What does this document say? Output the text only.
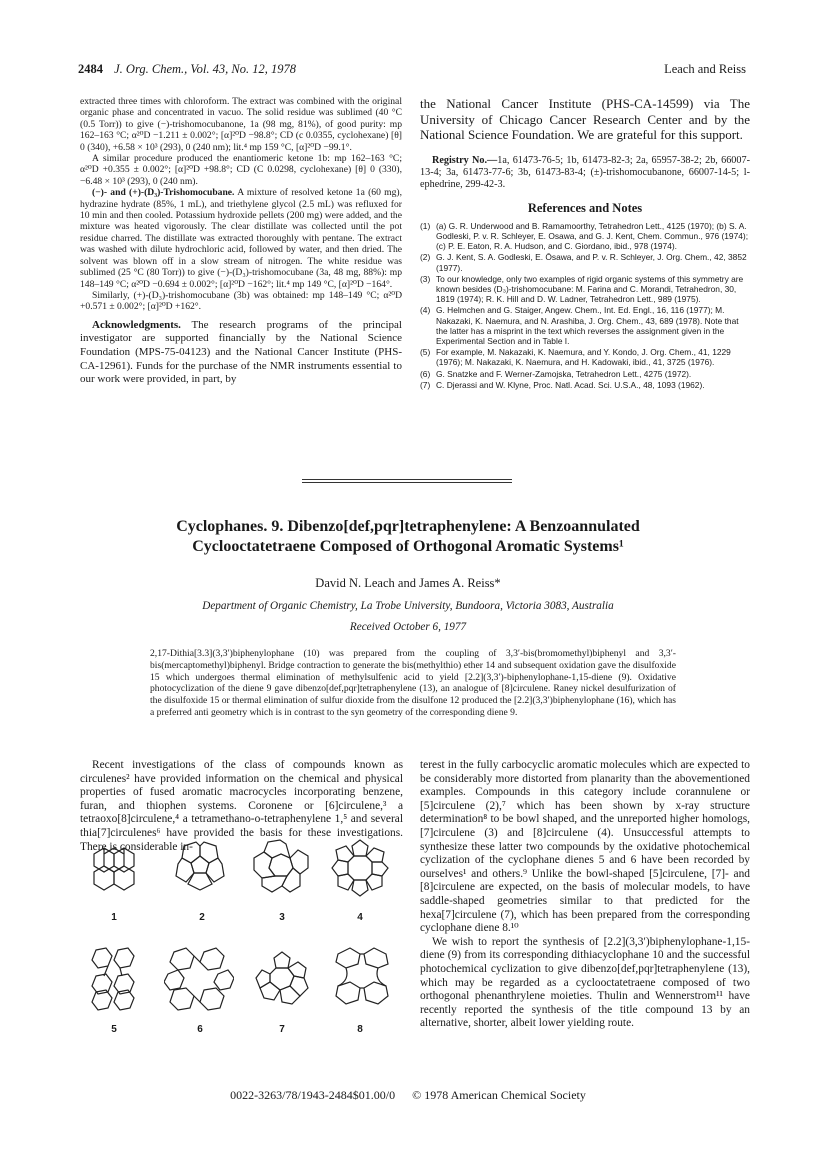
2484 J. Org. Chem., Vol. 43, No. 12, 1978	Leach and Reiss

extracted three times with chloroform. The extract was combined with the original organic phase and concentrated in vacuo. The solid residue was sublimed (40 °C (0.5 Torr)) to give (−)-trishomocubanone, 1a (98 mg, 81%), of good purity: mp 162–163 °C; α²⁰D −1.211 ± 0.002°; [α]²⁰D −98.8°; CD (c 0.0355, cyclohexane) [θ] 0 (340), +6.58 × 10³ (293), 0 (240 nm); lit.⁴ mp 159 °C, [α]²⁰D −99.1°.

A similar procedure produced the enantiomeric ketone 1b: mp 162–163 °C; α²⁰D +0.355 ± 0.002°; [α]²⁰D +98.8°; CD (C 0.0298, cyclohexane) [θ] 0 (330), −6.48 × 10³ (293), 0 (240 nm).

(−)- and (+)-(D₃)-Trishomocubane. A mixture of resolved ketone 1a (60 mg), hydrazine hydrate (85%, 1 mL), and triethylene glycol (2.5 mL) was refluxed for 10 min and then cooled. Potassium hydroxide pellets (200 mg) were added, and the mixture was heated vigorously. The clear distillate was collected until the pot residue charred. The distillate was extracted thoroughly with pentane. The extract was washed with dilute hydrochloric acid, followed by water, and then dried. The solvent was blown off in a slow stream of nitrogen. The white residue was sublimed (25 °C (80 Torr)) to give (−)-(D₃)-trishomocubane (3a, 48 mg, 88%): mp 148–149 °C; α²⁰D −0.694 ± 0.002°; [α]²⁰D −162°; lit.⁴ mp 149 °C, [α]²⁰D −164°.

Similarly, (+)-(D₃)-trishomocubane (3b) was obtained: mp 148–149 °C; α²⁰D +0.571 ± 0.002°; [α]²⁰D +162°.

Acknowledgments. The research programs of the principal investigator are supported financially by the National Science Foundation (MPS-75-04123) and the National Cancer Institute (PHS-CA-12961). Funds for the purchase of the NMR instruments essential to our work were provided, in part, by

the National Cancer Institute (PHS-CA-14599) via The University of Chicago Cancer Research Center and by the National Science Foundation. We are grateful for this support.

Registry No.—1a, 61473-76-5; 1b, 61473-82-3; 2a, 65957-38-2; 2b, 66007-13-4; 3a, 61473-77-6; 3b, 61473-83-4; (±)-trishomocubanone, 66007-14-5; l-ephedrine, 299-42-3.

References and Notes
(1) (a) G. R. Underwood and B. Ramamoorthy, Tetrahedron Lett., 4125 (1970); (b) S. A. Godleski, P. v. R. Schleyer, E. Osawa, and G. J. Kent, Chem. Commun., 976 (1974); (c) P. E. Eaton, R. A. Hudson, and C. Giordano, ibid., 978 (1974).
(2) G. J. Kent, S. A. Godleski, E. Ōsawa, and P. v. R. Schleyer, J. Org. Chem., 42, 3852 (1977).
(3) To our knowledge, only two examples of rigid organic systems of this symmetry are known besides (D₃)-trishomocubane: M. Farina and C. Morandi, Tetrahedron, 30, 1819 (1974); R. K. Hill and D. W. Ladner, Tetrahedron Lett., 989 (1975).
(4) G. Helmchen and G. Staiger, Angew. Chem., Int. Ed. Engl., 16, 116 (1977); M. Nakazaki, K. Naemura, and N. Arashiba, J. Org. Chem., 43, 689 (1978). Note that the latter has a misprint in the text which reverses the assignment given in the Experimental Section and in Table I.
(5) For example, M. Nakazaki, K. Naemura, and Y. Kondo, J. Org. Chem., 41, 1229 (1976); M. Nakazaki, K. Naemura, and H. Kadowaki, ibid., 41, 3725 (1976).
(6) G. Snatzke and F. Werner-Zamojska, Tetrahedron Lett., 4275 (1972).
(7) C. Djerassi and W. Klyne, Proc. Natl. Acad. Sci. U.S.A., 48, 1093 (1962).
Cyclophanes. 9. Dibenzo[def,pqr]tetraphenylene: A Benzoannulated
Cyclooctatetraene Composed of Orthogonal Aromatic Systems¹
David N. Leach and James A. Reiss*
Department of Organic Chemistry, La Trobe University, Bundoora, Victoria 3083, Australia
Received October 6, 1977
2,17-Dithia[3.3](3,3′)biphenylophane (10) was prepared from the coupling of 3,3′-bis(bromomethyl)biphenyl and 3,3′-bis(mercaptomethyl)biphenyl. Bridge contraction to generate the bis(methylthio) ether 14 and subsequent oxidation gave the disulfoxide 15 which undergoes thermal elimination of methylsulfenic acid to yield [2.2](3,3′)-biphenylophane-1,15-diene (9). Oxidative photocyclization of the diene 9 gave dibenzo[def,pqr]tetraphenylene (13), an analogue of [8]circulene. Raney nickel desulfurization of the disulfoxide 15 or thermal elimination of sulfur dioxide from the disulfone 12 produced the [2.2](3,3′)biphenylophane (16), which has a preferred anti geometry which is in contrast to the syn geometry of the corresponding diene 9.

Recent investigations of the class of compounds known as circulenes² have provided information on the chemical and physical properties of fused aromatic macrocycles incorporating benzene, furan, and thiophen systems. Coronene or [6]circulene,³ a tetraoxo[8]circulene,⁴ a tetramethano-o-tetraphenylene 1,⁵ and several thia[7]circulenes⁶ have provided the basis for these investigations. There is considerable in-

1	2	3	4
5	6	7	8

terest in the fully carbocyclic aromatic molecules which are expected to be considerably more distorted from planarity than the abovementioned examples. Compounds in this category include corannulene or [5]circulene (2),⁷ which has been shown by x-ray structure determination⁸ to be bowl shaped, and the unreported higher homologs, [7]circulene (3) and [8]circulene (4). Unsuccessful attempts to synthesize these latter two compounds by the oxidative photochemical cyclization of the cyclophane dienes 5 and 6 have been recorded by ourselves¹ and others.⁹ Unlike the bowl-shaped [5]circulene, [7]- and [8]circulene are expected, on the basis of molecular models, to have saddle-shaped geometries similar to that predicted for the hexa[7]circulene (7), which has been prepared from the corresponding cyclophane diene 8.¹⁰

We wish to report the synthesis of [2.2](3,3′)biphenylophane-1,15-diene (9) from its corresponding dithiacyclophane 10 and the successful photochemical cyclization to give dibenzo[def,pqr]tetraphenylene (13), which may be regarded as a cyclooctatetraene composed of two orthogonal phenanthrylene moieties. Thulin and Wennerstrom¹¹ have recently reported the synthesis of the title compound 13 by an alternative, shorter, albeit lower yielding route.

0022-3263/78/1943-2484$01.00/0 © 1978 American Chemical Society
